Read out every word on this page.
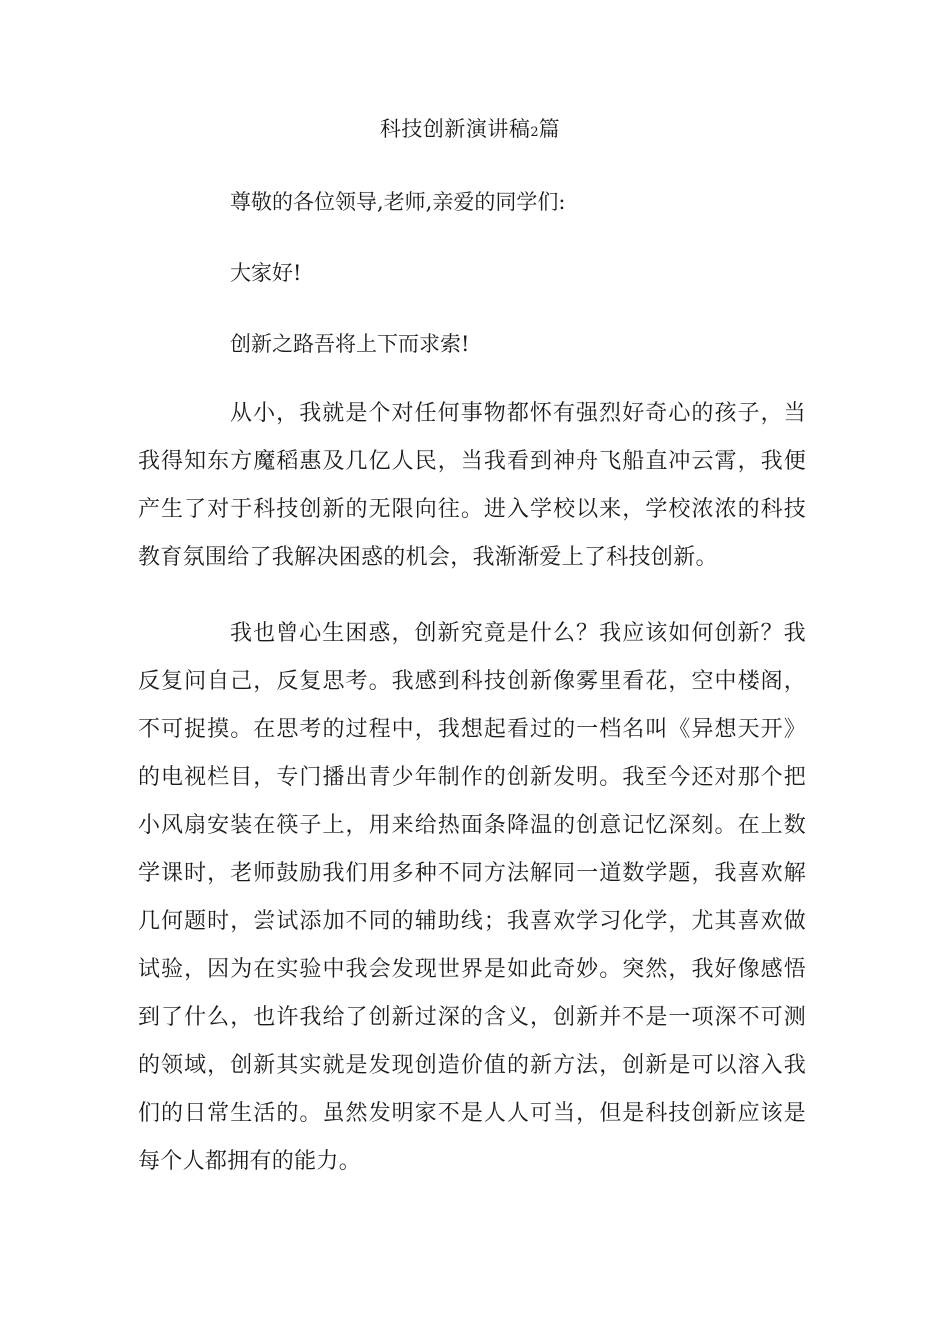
科技创新演讲稿2篇
尊敬的各位领导,老师,亲爱的同学们:
大家好!
创新之路吾将上下而求索!

从小，我就是个对任何事物都怀有强烈好奇心的孩子，当我得知东方魔稻惠及几亿人民，当我看到神舟飞船直冲云霄，我便产生了对于科技创新的无限向往。进入学校以来，学校浓浓的科技教育氛围给了我解决困惑的机会，我渐渐爱上了科技创新。

我也曾心生困惑，创新究竟是什么？我应该如何创新？我反复问自己，反复思考。我感到科技创新像雾里看花，空中楼阁，不可捉摸。在思考的过程中，我想起看过的一档名叫《异想天开》的电视栏目，专门播出青少年制作的创新发明。我至今还对那个把小风扇安装在筷子上，用来给热面条降温的创意记忆深刻。在上数学课时，老师鼓励我们用多种不同方法解同一道数学题，我喜欢解几何题时，尝试添加不同的辅助线；我喜欢学习化学，尤其喜欢做试验，因为在实验中我会发现世界是如此奇妙。突然，我好像感悟到了什么，也许我给了创新过深的含义，创新并不是一项深不可测的领域，创新其实就是发现创造价值的新方法，创新是可以溶入我们的日常生活的。虽然发明家不是人人可当，但是科技创新应该是每个人都拥有的能力。
